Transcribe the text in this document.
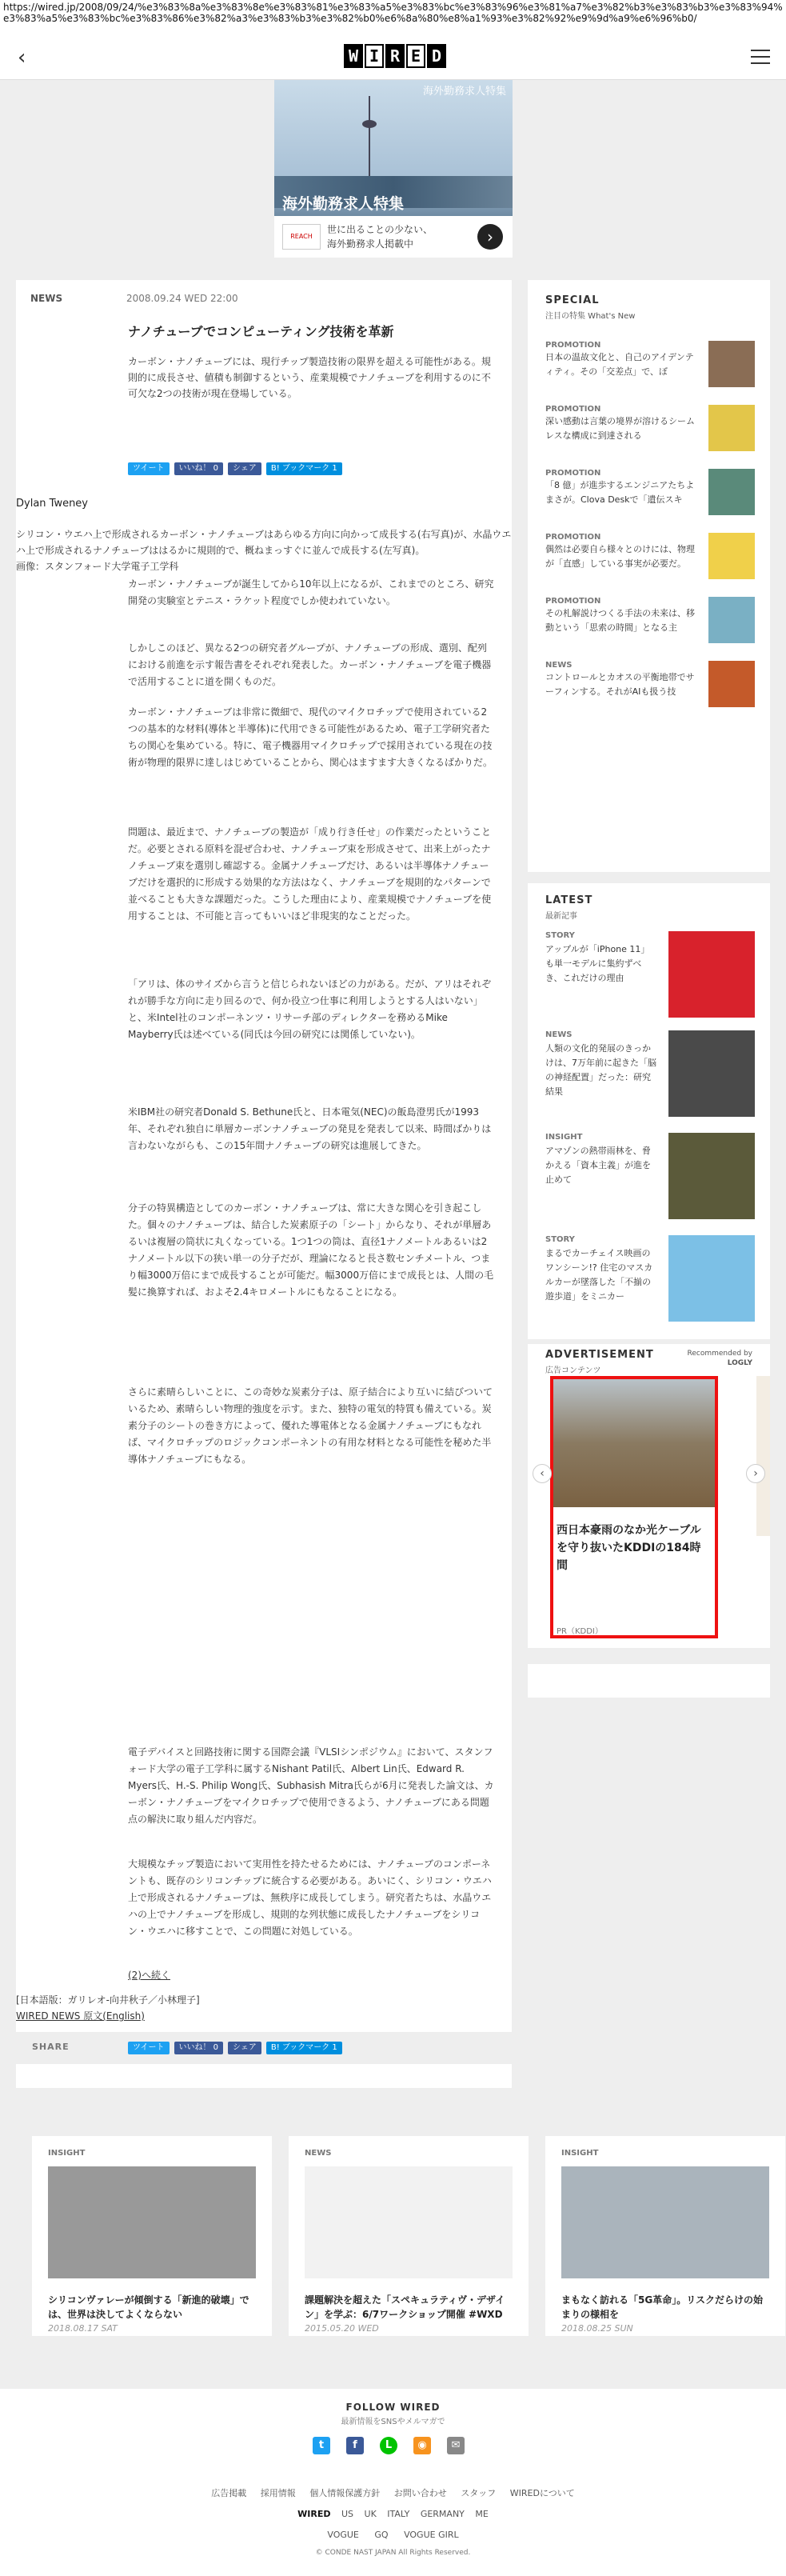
https://wired.jp/2008/09/24/%e3%83%8a%e3%83%8e%e3%83%81%e3%83%a5%e3%83%bc%e3%83%96%e3%81%a7%e3%82%b3%e3%83%b3%e3%83%94%e3%83%a5%e3%83%bc%e3%83%86%e3%82%a3%e3%83%b3%e3%82%b0%e6%8a%80%e8%a1%93%e3%82%92%e9%9d%a9%e6%96%b0/
‹	W I R E D
海外勤務求人特集
海外勤務求人特集
REACH
世に出ることの少ない、
海外勤務求人掲載中	›
NEWS	2008.09.24 WED 22:00
ナノチューブでコンピューティング技術を革新
カーボン・ナノチューブには、現行チップ製造技術の限界を超える可能性がある。規則的に成長させ、値積も制御するという、産業規模でナノチューブを利用するのに不可欠な2つの技術が現在登場している。
ツイート	いいね！ 0	シェア	B! ブックマーク 1
Dylan Tweney
シリコン・ウエハ上で形成されるカーボン・ナノチューブはあらゆる方向に向かって成長する(右写真)が、水晶ウエハ上で形成されるナノチューブははるかに規則的で、概ねまっすぐに並んで成長する(左写真)。
画像：スタンフォード大学電子工学科
カーボン・ナノチューブが誕生してから10年以上になるが、これまでのところ、研究開発の実験室とテニス・ラケット程度でしか使われていない。
しかしこのほど、異なる2つの研究者グループが、ナノチューブの形成、選別、配列における前進を示す報告書をそれぞれ発表した。カーボン・ナノチューブを電子機器で活用することに道を開くものだ。
カーボン・ナノチューブは非常に微細で、現代のマイクロチップで使用されている2つの基本的な材料(導体と半導体)に代用できる可能性があるため、電子工学研究者たちの関心を集めている。特に、電子機器用マイクロチップで採用されている現在の技術が物理的限界に達しはじめていることから、関心はますます大きくなるばかりだ。
問題は、最近まで、ナノチューブの製造が「成り行き任せ」の作業だったということだ。必要とされる原料を混ぜ合わせ、ナノチューブ束を形成させて、出来上がったナノチューブ束を選別し確認する。金属ナノチューブだけ、あるいは半導体ナノチューブだけを選択的に形成する効果的な方法はなく、ナノチューブを規則的なパターンで並べることも大きな課題だった。こうした理由により、産業規模でナノチューブを使用することは、不可能と言ってもいいほど非現実的なことだった。
「アリは、体のサイズから言うと信じられないほどの力がある。だが、アリはそれぞれが勝手な方向に走り回るので、何か役立つ仕事に利用しようとする人はいない」と、米Intel社のコンポーネンツ・リサーチ部のディレクターを務めるMike Mayberry氏は述べている(同氏は今回の研究には関係していない)。
米IBM社の研究者Donald S. Bethune氏と、日本電気(NEC)の飯島澄男氏が1993年、それぞれ独自に単層カーボンナノチューブの発見を発表して以来、時間ばかりは言わないながらも、この15年間ナノチューブの研究は進展してきた。
分子の特異構造としてのカーボン・ナノチューブは、常に大きな関心を引き起こした。個々のナノチューブは、結合した炭素原子の「シート」からなり、それが単層あるいは複層の筒状に丸くなっている。1つ1つの筒は、直径1ナノメートルあるいは2ナノメートル以下の狭い単一の分子だが、理論になると長さ数センチメートル、つまり幅3000万倍にまで成長することが可能だ。幅3000万倍にまで成長とは、人間の毛髪に換算すれば、およそ2.4キロメートルにもなることになる。
さらに素晴らしいことに、この奇妙な炭素分子は、原子結合により互いに結びついているため、素晴らしい物理的強度を示す。また、独特の電気的特質も備えている。炭素分子のシートの巻き方によって、優れた導電体となる金属ナノチューブにもなれば、マイクロチップのロジックコンポーネントの有用な材料となる可能性を秘めた半導体ナノチューブにもなる。
電子デバイスと回路技術に関する国際会議『VLSIシンポジウム』において、スタンフォード大学の電子工学科に属するNishant Patil氏、Albert Lin氏、Edward R. Myers氏、H.-S. Philip Wong氏、Subhasish Mitra氏らが6月に発表した論文は、カーボン・ナノチューブをマイクロチップで使用できるよう、ナノチューブにある問題点の解決に取り組んだ内容だ。
大規模なチップ製造において実用性を持たせるためには、ナノチューブのコンポーネントも、既存のシリコンチップに統合する必要がある。あいにく、シリコン・ウエハ上で形成されるナノチューブは、無秩序に成長してしまう。研究者たちは、水晶ウエハの上でナノチューブを形成し、規則的な列状態に成長したナノチューブをシリコン・ウエハに移すことで、この問題に対処している。
(2)へ続く
[日本語版：ガリレオ-向井秋子／小林理子]
WIRED NEWS 原文(English)
SHARE	ツイート	いいね！ 0	シェア	B! ブックマーク 1
SPECIAL
注目の特集 What's New
PROMOTION
日本の温故文化と、自己のアイデンティティ。その「交差点」で、ぼ
PROMOTION
深い感動は言葉の境界が溶けるシームレスな構成に到達される
PROMOTION
「8 億」が進歩するエンジニアたちよまさが。Clova Deskで「遺伝スキ
PROMOTION
偶然は必要自ら様々とのけには、物理が「直感」している事実が必要だ。
PROMOTION
その札解説けつくる手法の未来は、移動という「思索の時間」となる主
NEWS
コントロールとカオスの平衡地帯でサーフィンする。それがAIも扱う技
LATEST
最新記事
STORY
アップルが「iPhone 11」も単一モデルに集約ずべき、これだけの理由
NEWS
人類の文化的発展のきっかけは、7万年前に起きた「脳の神経配置」だった：研究結果
INSIGHT
アマゾンの熱帯雨林を、脅かえる「資本主義」が進を止めて
STORY
まるでカーチェイス映画のワンシーン!? 住宅のマスカルカーが墜落した「不揃の遊歩道」をミニカー
ADVERTISEMENT	Recommended by
LOGLY
広告コンテンツ
西日本豪雨のなか光ケーブルを守り抜いたKDDIの184時間
PR（KDDI）
‹	›
INSIGHT
シリコンヴァレーが傾倒する「新進的破壊」では、世界は決してよくならない
2018.08.17 SAT
NEWS
課題解決を超えた「スペキュラティヴ・デザイン」を学ぶ：6/7ワークショップ開催 #WXD
2015.05.20 WED
INSIGHT
まもなく訪れる「5G革命」。リスクだらけの始まりの様相を
2018.08.25 SUN
FOLLOW WIRED
最新情報をSNSやメルマガで
t	f	L	◉	✉
広告掲載 採用情報 個人情報保護方針 お問い合わせ スタッフ WIREDについて
WIRED US UK ITALY GERMANY ME
VOGUE GQ VOGUE GIRL
© CONDE NAST JAPAN All Rights Reserved.
